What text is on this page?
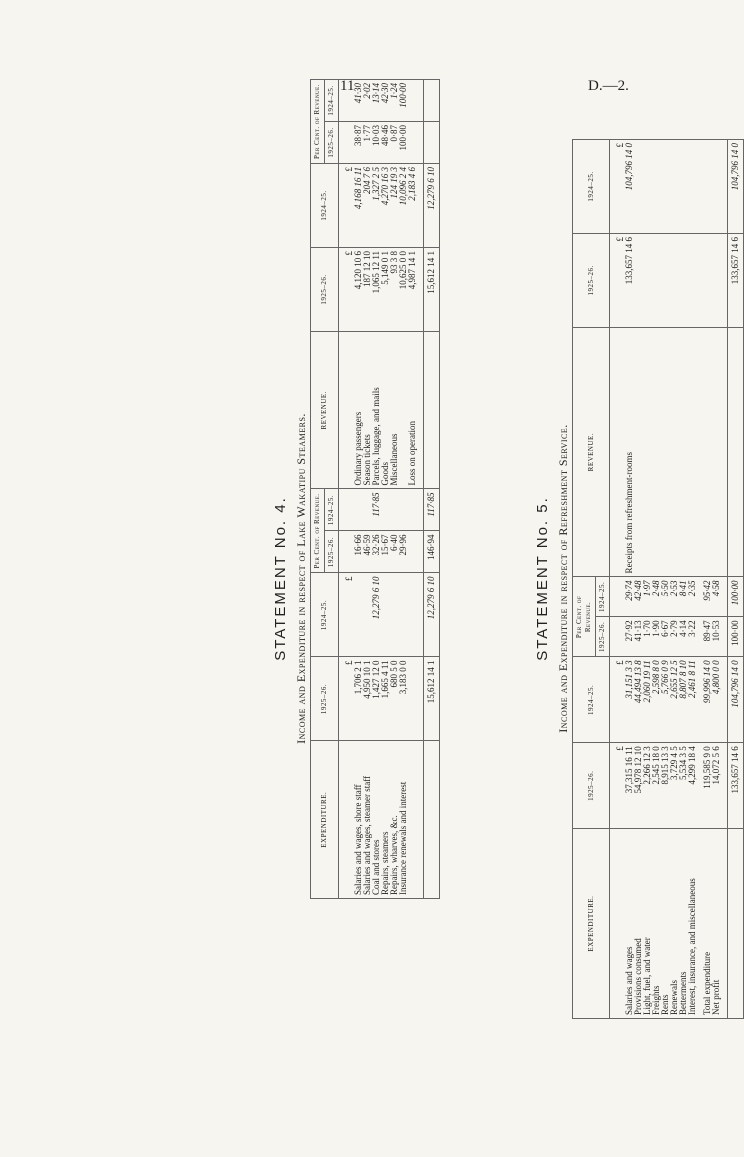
11	D.—2.
STATEMENT No. 4. Income and Expenditure in respect of Lake Wakatipu Steamers.
EXPENDITURE.	1925–26.	1924–25.	Per Cent. of Revenue.		REVENUE.	1925–26.	1924–25.	Per Cent. of Revenue.	
			1925–26.	1924–25.				1925–26.	1924–25.
	£	£				£	£		
Salaries and wages, shore staff	1,706 2 1		16·66		Ordinary passengers	4,120 10 6	4,168 16 11	38·87	41·30
Salaries and wages, steamer staff	4,950 10 1		46·59		Season tickets	187 12 10	204 7 6	1·77	2·02
Coal and stores	1,427 12 0	12,279 6 10	32·26	117·85	Parcels, luggage, and mails	1,065 12 11	1,327 2 5	10·03	13·14
Repairs, steamers	1,665 4 11		15·67		Goods	5,149 0 1	4,270 16 3	48·46	42·30
Repairs, wharves, &c.	680 5 0		6·40		Miscellaneous	93 3 8	124 19 3	0·87	1·24
Insurance renewals and interest	3,183 0 0		29·96			10,625 0 0	10,096 2 4	100·00	100·00
					Loss on operation	4,987 14 1	2,183 4 6		

	15,612 14 1	12,279 6 10	146·94	117·85		15,612 14 1	12,279 6 10		
STATEMENT No. 5. Income and Expenditure in respect of Refreshment Service.
EXPENDITURE.	1925–26.	1924–25.	Per Cent. of Revenue.		REVENUE.	1925–26.	1924–25.
			1925–26.	1924–25.			
	£	£				£	£
Salaries and wages	37,315 16 11	31,151 3 3	27·92	29·74	Receipts from refreshment-rooms	133,657 14 6	104,796 14 0
Provisions consumed	54,978 12 10	44,494 13 8	41·13	42·48			
Light, fuel, and water	2,266 12 3	2,060 19 11	1·70	1·97			
Freights	2,545 18 0	2,598 8 0	1·90	2·48			
Rents	8,915 13 3	5,766 0 9	6·67	5·50			
Renewals	3,729 4 5	2,655 12 5	2·79	2·53			
Betterments	5,534 3 5	8,807 8 10	4·14	8·41			
Interest, insurance, and miscellaneous	4,299 18 4	2,461 8 11	3·22	2·35			

Total expenditure	119,585 9 0	99,996 14 0	89·47	95·42			
Net profit	14,072 5 6	4,800 0 0	10·53	4·58			

	133,657 14 6	104,796 14 0	100·00	100·00		133,657 14 6	104,796 14 0
